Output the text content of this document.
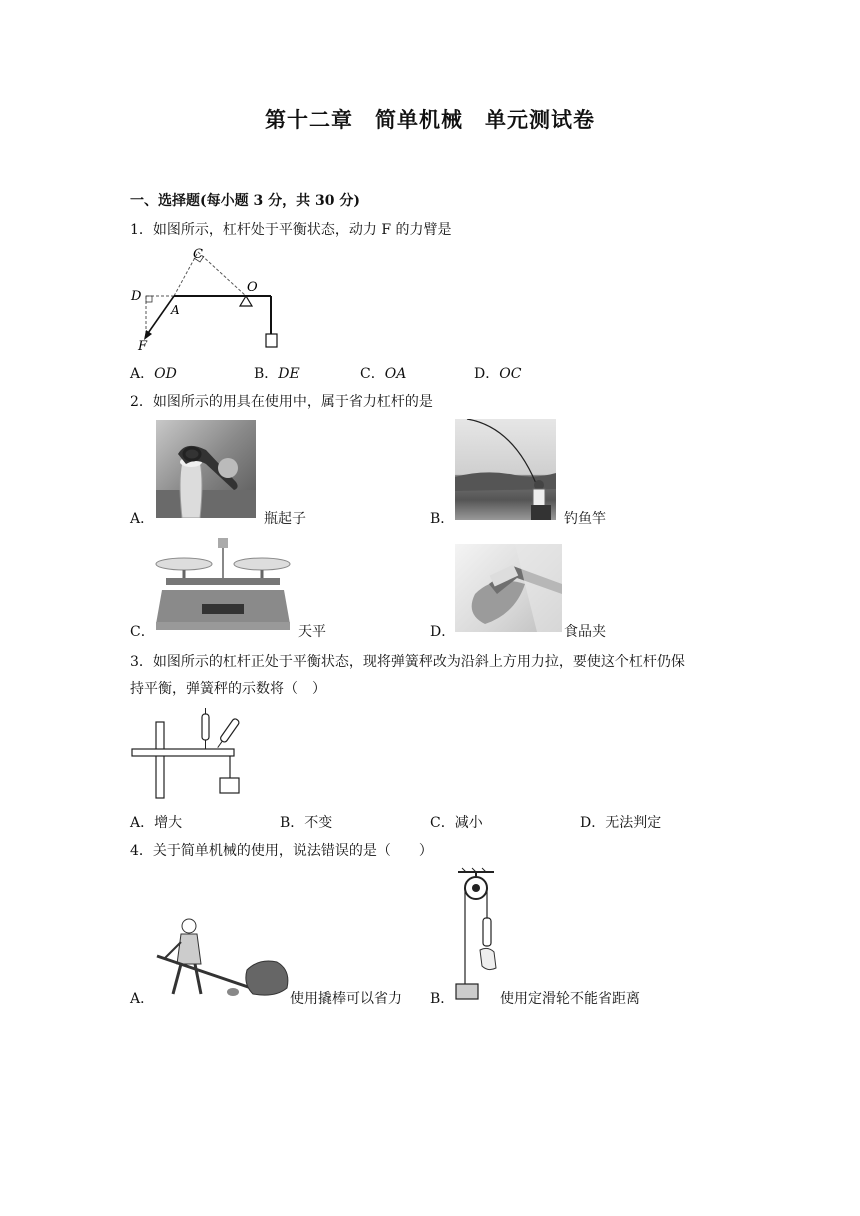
第十二章　简单机械　单元测试卷
一、选择题(每小题 3 分，共 30 分)
1．如图所示，杠杆处于平衡状态，动力 F 的力臂是
C
D
O
A
F
A．OD	B．DE	C．OA	D．OC
2．如图所示的用具在使用中，属于省力杠杆的是
A．	瓶起子	B．	钓鱼竿
C．	天平	D．	食品夹
3．如图所示的杠杆正处于平衡状态，现将弹簧秤改为沿斜上方用力拉，要使这个杠杆仍保
持平衡，弹簧秤的示数将（　）
A．增大	B．不变	C．减小	D．无法判定
4．关于简单机械的使用，说法错误的是（　　）
A．	使用撬棒可以省力 B．	使用定滑轮不能省距离
